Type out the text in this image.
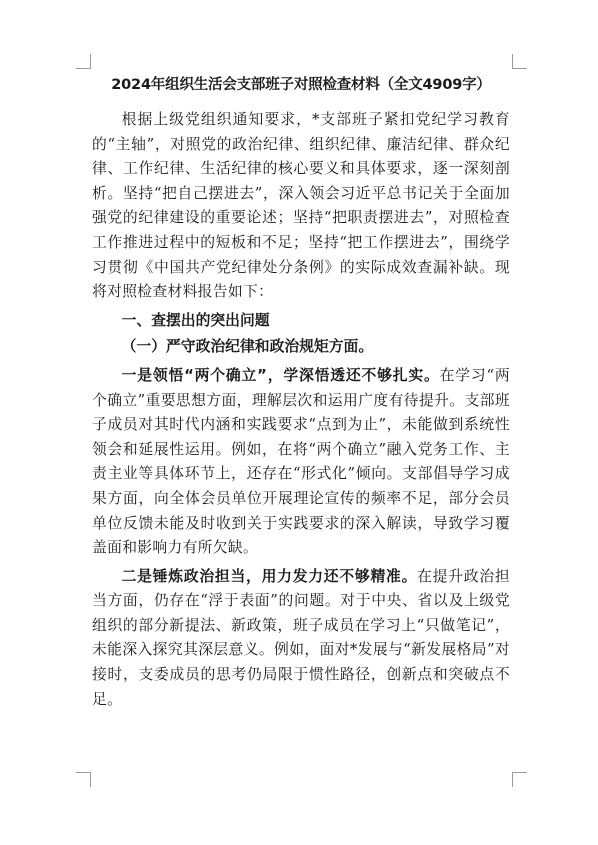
2024年组织生活会支部班子对照检查材料（全文4909字）

根据上级党组织通知要求，*支部班子紧扣党纪学习教育的“主轴”，对照党的政治纪律、组织纪律、廉洁纪律、群众纪律、工作纪律、生活纪律的核心要义和具体要求，逐一深刻剖析。坚持“把自己摆进去”，深入领会习近平总书记关于全面加强党的纪律建设的重要论述；坚持“把职责摆进去”，对照检查工作推进过程中的短板和不足；坚持“把工作摆进去”，围绕学习贯彻《中国共产党纪律处分条例》的实际成效查漏补缺。现将对照检查材料报告如下：

一、查摆出的突出问题
（一）严守政治纪律和政治规矩方面。

一是领悟“两个确立”，学深悟透还不够扎实。在学习“两个确立”重要思想方面，理解层次和运用广度有待提升。支部班子成员对其时代内涵和实践要求“点到为止”，未能做到系统性领会和延展性运用。例如，在将“两个确立”融入党务工作、主责主业等具体环节上，还存在“形式化”倾向。支部倡导学习成果方面，向全体会员单位开展理论宣传的频率不足，部分会员单位反馈未能及时收到关于实践要求的深入解读，导致学习覆盖面和影响力有所欠缺。

二是锤炼政治担当，用力发力还不够精准。在提升政治担当方面，仍存在“浮于表面”的问题。对于中央、省以及上级党组织的部分新提法、新政策，班子成员在学习上“只做笔记”，未能深入探究其深层意义。例如，面对*发展与“新发展格局”对接时，支委成员的思考仍局限于惯性路径，创新点和突破点不足。
